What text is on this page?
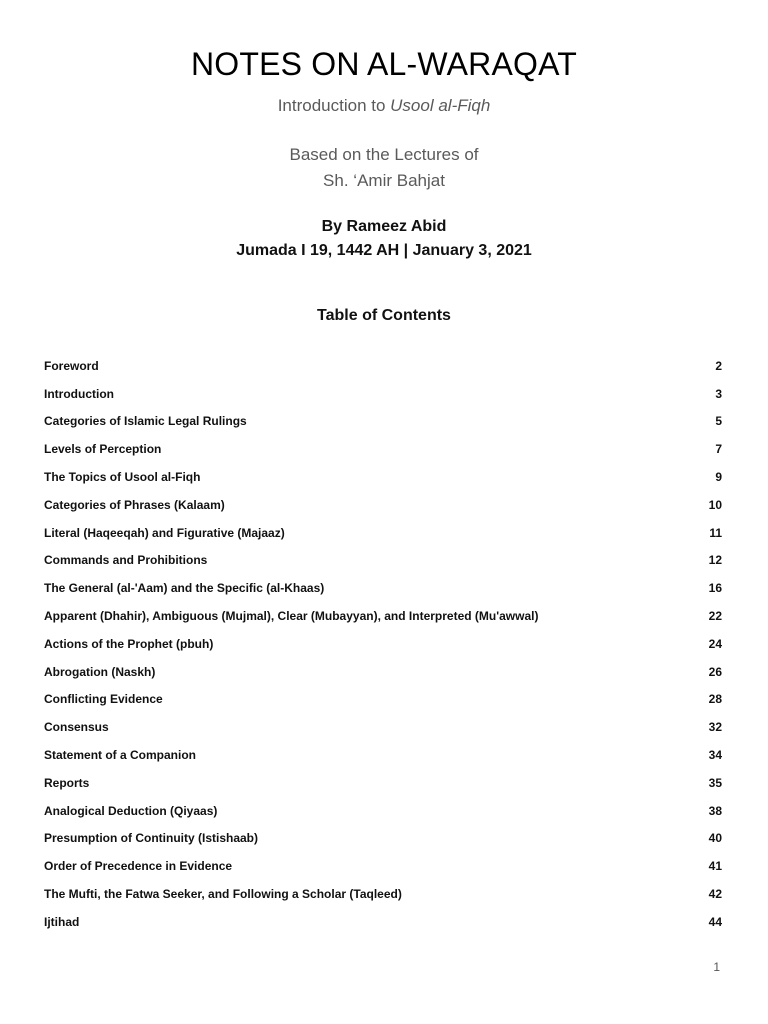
NOTES ON AL-WARAQAT
Introduction to Usool al-Fiqh
Based on the Lectures of
Sh. ‘Amir Bahjat
By Rameez Abid
Jumada I 19, 1442 AH | January 3, 2021
Table of Contents
Foreword	2
Introduction	3
Categories of Islamic Legal Rulings	5
Levels of Perception	7
The Topics of Usool al-Fiqh	9
Categories of Phrases (Kalaam)	10
Literal (Haqeeqah) and Figurative (Majaaz)	11
Commands and Prohibitions	12
The General (al-'Aam) and the Specific (al-Khaas)	16
Apparent (Dhahir), Ambiguous (Mujmal), Clear (Mubayyan), and Interpreted (Mu'awwal)	22
Actions of the Prophet (pbuh)	24
Abrogation (Naskh)	26
Conflicting Evidence	28
Consensus	32
Statement of a Companion	34
Reports	35
Analogical Deduction (Qiyaas)	38
Presumption of Continuity (Istishaab)	40
Order of Precedence in Evidence	41
The Mufti, the Fatwa Seeker, and Following a Scholar (Taqleed)	42
Ijtihad	44
1
